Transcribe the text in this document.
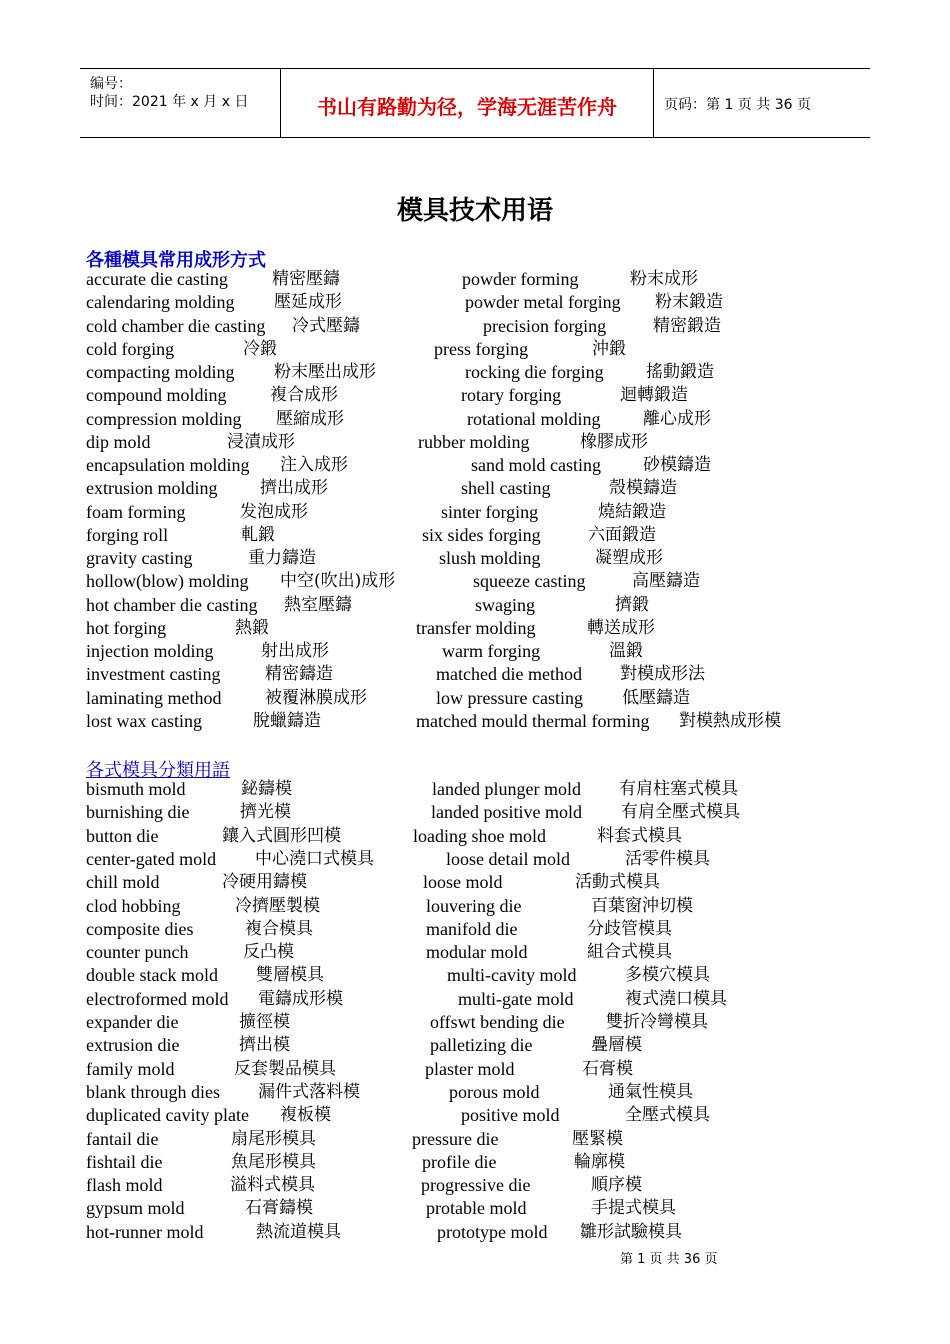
编号：
时间：2021 年 x 月 x 日	书山有路勤为径，学海无涯苦作舟	页码：第 1 页 共 36 页
模具技术用语
各種模具常用成形方式
accurate die casting	精密壓鑄	powder forming	粉末成形
calendaring molding 壓延成形	powder metal forging 粉末鍛造
cold chamber die casting 冷式壓鑄	precision forging	精密鍛造
cold forging	冷鍛	press forging	沖鍛
compacting molding 粉末壓出成形	rocking die forging 搖動鍛造
compound molding	複合成形	rotary forging	迴轉鍛造
compression molding 壓縮成形	rotational molding	離心成形
dip mold	浸漬成形	rubber molding	橡膠成形
encapsulation molding 注入成形	sand mold casting 砂模鑄造
extrusion molding	擠出成形	shell casting	殼模鑄造
foam forming	发泡成形	sinter forging	燒結鍛造
forging roll	軋鍛	six sides forging	六面鍛造
gravity casting	重力鑄造	slush molding	凝塑成形
hollow(blow) molding 中空(吹出)成形	squeeze casting	高壓鑄造
hot chamber die casting 熱室壓鑄	swaging	擠鍛
hot forging	熱鍛	transfer molding	轉送成形
injection molding	射出成形	warm forging	溫鍛
investment casting	精密鑄造	matched die method 對模成形法
laminating method	被覆淋膜成形	low pressure casting 低壓鑄造
lost wax casting	脫蠟鑄造	matched mould thermal forming 對模熱成形模
各式模具分類用語
bismuth mold	鉍鑄模	landed plunger mold 有肩柱塞式模具
burnishing die	擠光模	landed positive mold 有肩全壓式模具
button die	鑲入式圓形凹模	loading shoe mold	料套式模具
center-gated mold 中心澆口式模具	loose detail mold	活零件模具
chill mold	冷硬用鑄模	loose mold	活動式模具
clod hobbing	冷擠壓製模	louvering die	百葉窗沖切模
composite dies	複合模具	manifold die	分歧管模具
counter punch	反凸模	modular mold	組合式模具
double stack mold 雙層模具	multi-cavity mold	多模穴模具
electroformed mold 電鑄成形模	multi-gate mold	複式澆口模具
expander die	擴徑模	offswt bending die 雙折冷彎模具
extrusion die	擠出模	palletizing die	疊層模
family mold	反套製品模具	plaster mold	石膏模
blank through dies 漏件式落料模	porous mold	通氣性模具
duplicated cavity plate 複板模	positive mold	全壓式模具
fantail die	扇尾形模具	pressure die	壓緊模
fishtail die	魚尾形模具	profile die	輪廓模
flash mold	溢料式模具	progressive die	順序模
gypsum mold	石膏鑄模	protable mold	手提式模具
hot-runner mold	熱流道模具	prototype mold 雛形試驗模具
第 1 页 共 36 页
